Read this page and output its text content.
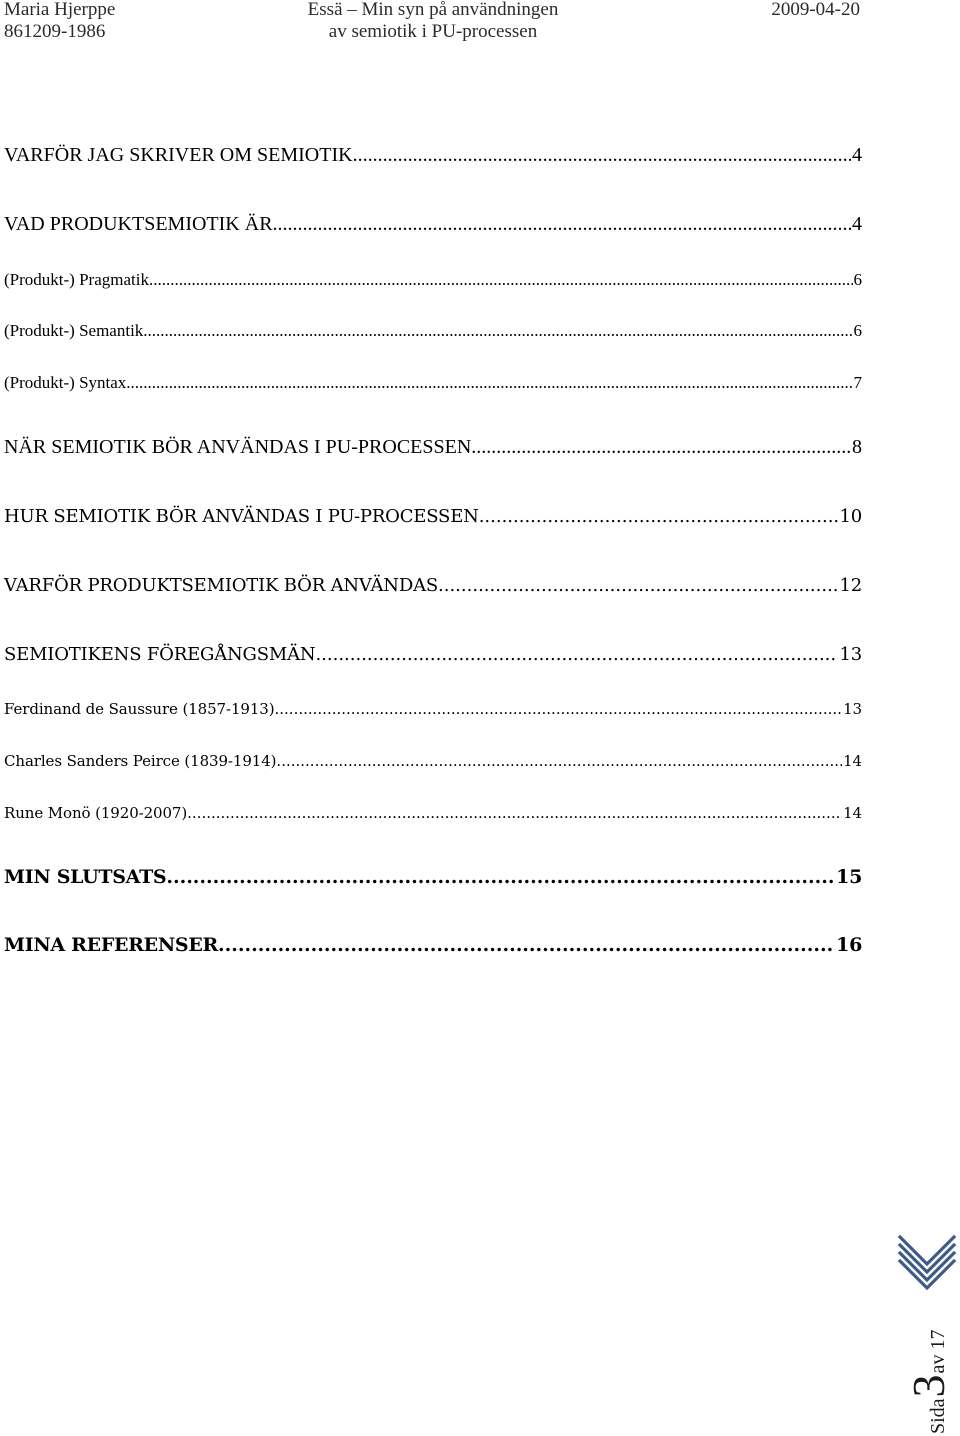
Maria Hjerppe
861209-1986
Essä – Min syn på användningen
av semiotik i PU-processen
2009-04-20
VARFÖR JAG SKRIVER OM SEMIOTIK .....	4
VAD PRODUKTSEMIOTIK ÄR .....	4
(Produkt-) Pragmatik .....	6
(Produkt-) Semantik .....	6
(Produkt-) Syntax .....	7
NÄR SEMIOTIK BÖR ANVÄNDAS I PU-PROCESSEN .....	8
HUR SEMIOTIK BÖR ANVÄNDAS I PU-PROCESSEN .....	10
VARFÖR PRODUKTSEMIOTIK BÖR ANVÄNDAS .....	12
SEMIOTIKENS FÖREGÅNGSMÄN .....	13
Ferdinand de Saussure (1857-1913) .....	13
Charles Sanders Peirce (1839-1914) .....	14
Rune Monö (1920-2007) .....	14
MIN SLUTSATS .....	15
MINA REFERENSER .....	16
Sida
3
av
17
